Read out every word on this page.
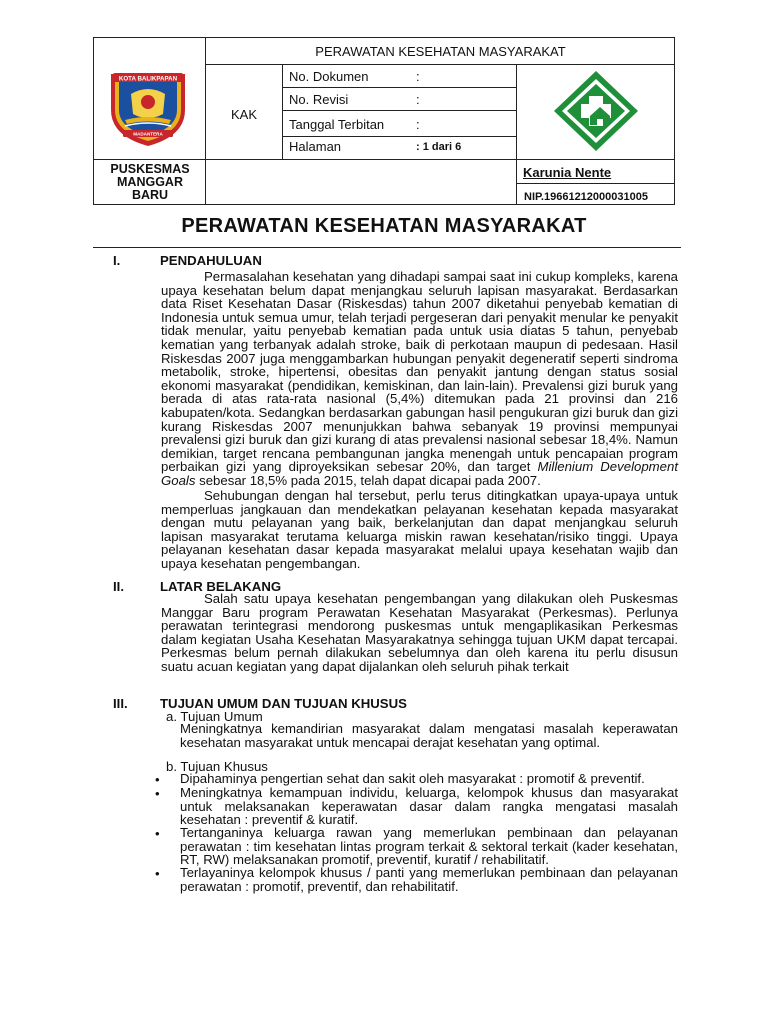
KOTA BALIKPAPAN
MADANTERA
PERAWATAN KESEHATAN MASYARAKAT
KAK
No. Dokumen	:
No. Revisi	:
Tanggal Terbitan :
Halaman	: 1 dari 6
PUSKESMAS
MANGGAR
BARU
Karunia Nente
NIP.19661212000031005
PERAWATAN KESEHATAN MASYARAKAT
I.	PENDAHULUAN

Permasalahan kesehatan yang dihadapi sampai saat ini cukup kompleks, karena upaya kesehatan belum dapat menjangkau seluruh lapisan masyarakat. Berdasarkan data Riset Kesehatan Dasar (Riskesdas) tahun 2007 diketahui penyebab kematian di Indonesia untuk semua umur, telah terjadi pergeseran dari penyakit menular ke penyakit tidak menular, yaitu penyebab kematian pada untuk usia diatas 5 tahun, penyebab kematian yang terbanyak adalah stroke, baik di perkotaan maupun di pedesaan. Hasil Riskesdas 2007 juga menggambarkan hubungan penyakit degeneratif seperti sindroma metabolik, stroke, hipertensi, obesitas dan penyakit jantung dengan status sosial ekonomi masyarakat (pendidikan, kemiskinan, dan lain-lain). Prevalensi gizi buruk yang berada di atas rata-rata nasional (5,4%) ditemukan pada 21 provinsi dan 216 kabupaten/kota. Sedangkan berdasarkan gabungan hasil pengukuran gizi buruk dan gizi kurang Riskesdas 2007 menunjukkan bahwa sebanyak 19 provinsi mempunyai prevalensi gizi buruk dan gizi kurang di atas prevalensi nasional sebesar 18,4%. Namun demikian, target rencana pembangunan jangka menengah untuk pencapaian program perbaikan gizi yang diproyeksikan sebesar 20%, dan target Millenium Development Goals sebesar 18,5% pada 2015, telah dapat dicapai pada 2007.

Sehubungan dengan hal tersebut, perlu terus ditingkatkan upaya-upaya untuk memperluas jangkauan dan mendekatkan pelayanan kesehatan kepada masyarakat dengan mutu pelayanan yang baik, berkelanjutan dan dapat menjangkau seluruh lapisan masyarakat terutama keluarga miskin rawan kesehatan/risiko tinggi. Upaya pelayanan kesehatan dasar kepada masyarakat melalui upaya kesehatan wajib dan upaya kesehatan pengembangan.

II.	LATAR BELAKANG

Salah satu upaya kesehatan pengembangan yang dilakukan oleh Puskesmas Manggar Baru program Perawatan Kesehatan Masyarakat (Perkesmas). Perlunya perawatan terintegrasi mendorong puskesmas untuk mengaplikasikan Perkesmas dalam kegiatan Usaha Kesehatan Masyarakatnya sehingga tujuan UKM dapat tercapai. Perkesmas belum pernah dilakukan sebelumnya dan oleh karena itu perlu disusun suatu acuan kegiatan yang dapat dijalankan oleh seluruh pihak terkait

III. TUJUAN UMUM DAN TUJUAN KHUSUS
a. Tujuan Umum

Meningkatnya kemandirian masyarakat dalam mengatasi masalah keperawatan kesehatan masyarakat untuk mencapai derajat kesehatan yang optimal.

b. Tujuan Khusus
• Dipahaminya pengertian sehat dan sakit oleh masyarakat : promotif & preventif.

• Meningkatnya kemampuan individu, keluarga, kelompok khusus dan masyarakat untuk melaksanakan keperawatan dasar dalam rangka mengatasi masalah kesehatan : preventif & kuratif.

• Tertanganinya keluarga rawan yang memerlukan pembinaan dan pelayanan perawatan : tim kesehatan lintas program terkait & sektoral terkait (kader kesehatan, RT, RW) melaksanakan promotif, preventif, kuratif / rehabilitatif.

• Terlayaninya kelompok khusus / panti yang memerlukan pembinaan dan pelayanan perawatan : promotif, preventif, dan rehabilitatif.
